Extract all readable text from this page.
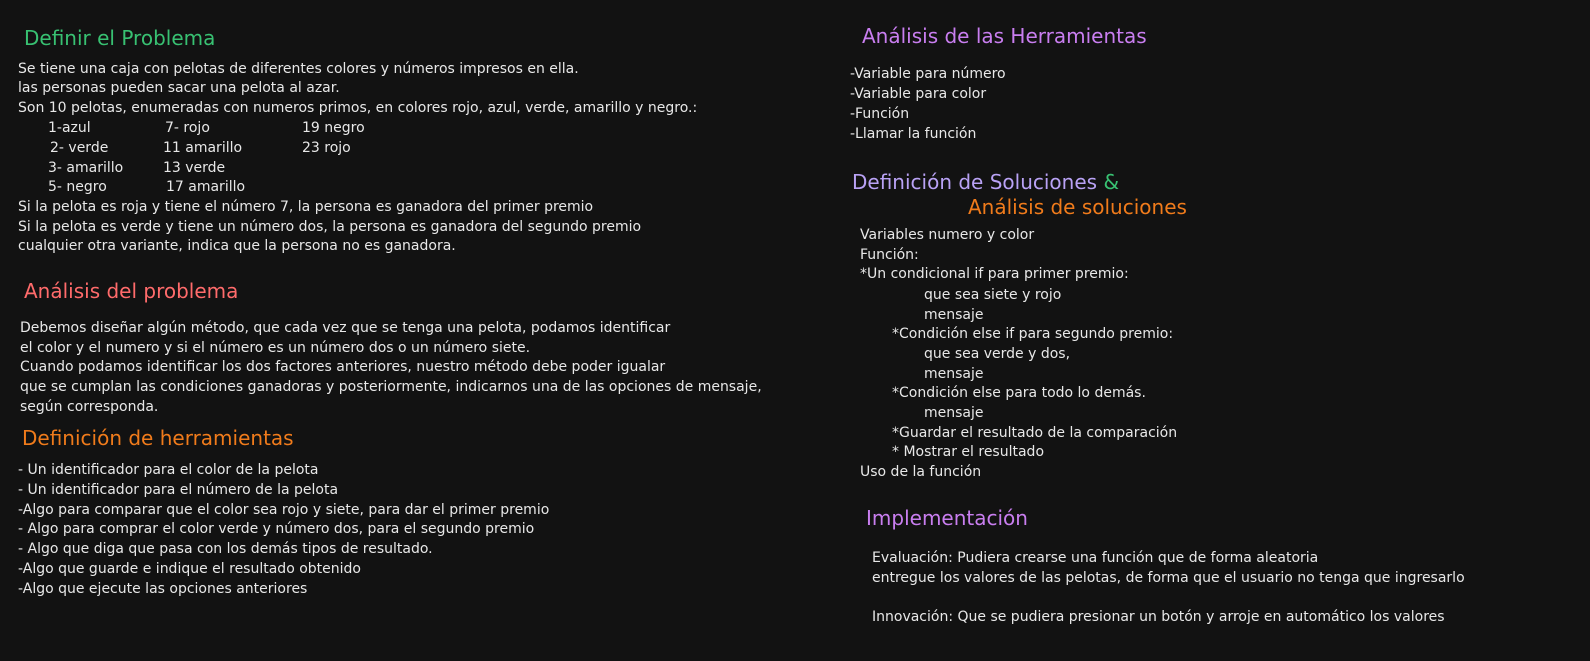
Definir el Problema
Se tiene una caja con pelotas de diferentes colores y números impresos en ella.
las personas pueden sacar una pelota al azar.
Son 10 pelotas, enumeradas con numeros primos, en colores rojo, azul, verde, amarillo y negro.:
1-azul	7- rojo	19 negro
2- verde	11 amarillo	23 rojo
3- amarillo	13 verde
5- negro	17 amarillo
Si la pelota es roja y tiene el número 7, la persona es ganadora del primer premio
Si la pelota es verde y tiene un número dos, la persona es ganadora del segundo premio
cualquier otra variante, indica que la persona no es ganadora.
Análisis del problema
Debemos diseñar algún método, que cada vez que se tenga una pelota, podamos identificar
el color y el numero y si el número es un número dos o un número siete.
Cuando podamos identificar los dos factores anteriores, nuestro método debe poder igualar
que se cumplan las condiciones ganadoras y posteriormente, indicarnos una de las opciones de mensaje,
según corresponda.
Definición de herramientas
- Un identificador para el color de la pelota
- Un identificador para el número de la pelota
-Algo para comparar que el color sea rojo y siete, para dar el primer premio
- Algo para comprar el color verde y número dos, para el segundo premio
- Algo que diga que pasa con los demás tipos de resultado.
-Algo que guarde e indique el resultado obtenido
-Algo que ejecute las opciones anteriores
Análisis de las Herramientas
-Variable para número
-Variable para color
-Función
-Llamar la función
Definición de Soluciones &
Análisis de soluciones
Variables numero y color
Función:
*Un condicional if para primer premio:
que sea siete y rojo
mensaje
*Condición else if para segundo premio:
que sea verde y dos,
mensaje
*Condición else para todo lo demás.
mensaje
*Guardar el resultado de la comparación
* Mostrar el resultado
Uso de la función
Implementación
Evaluación: Pudiera crearse una función que de forma aleatoria
entregue los valores de las pelotas, de forma que el usuario no tenga que ingresarlo
Innovación: Que se pudiera presionar un botón y arroje en automático los valores
